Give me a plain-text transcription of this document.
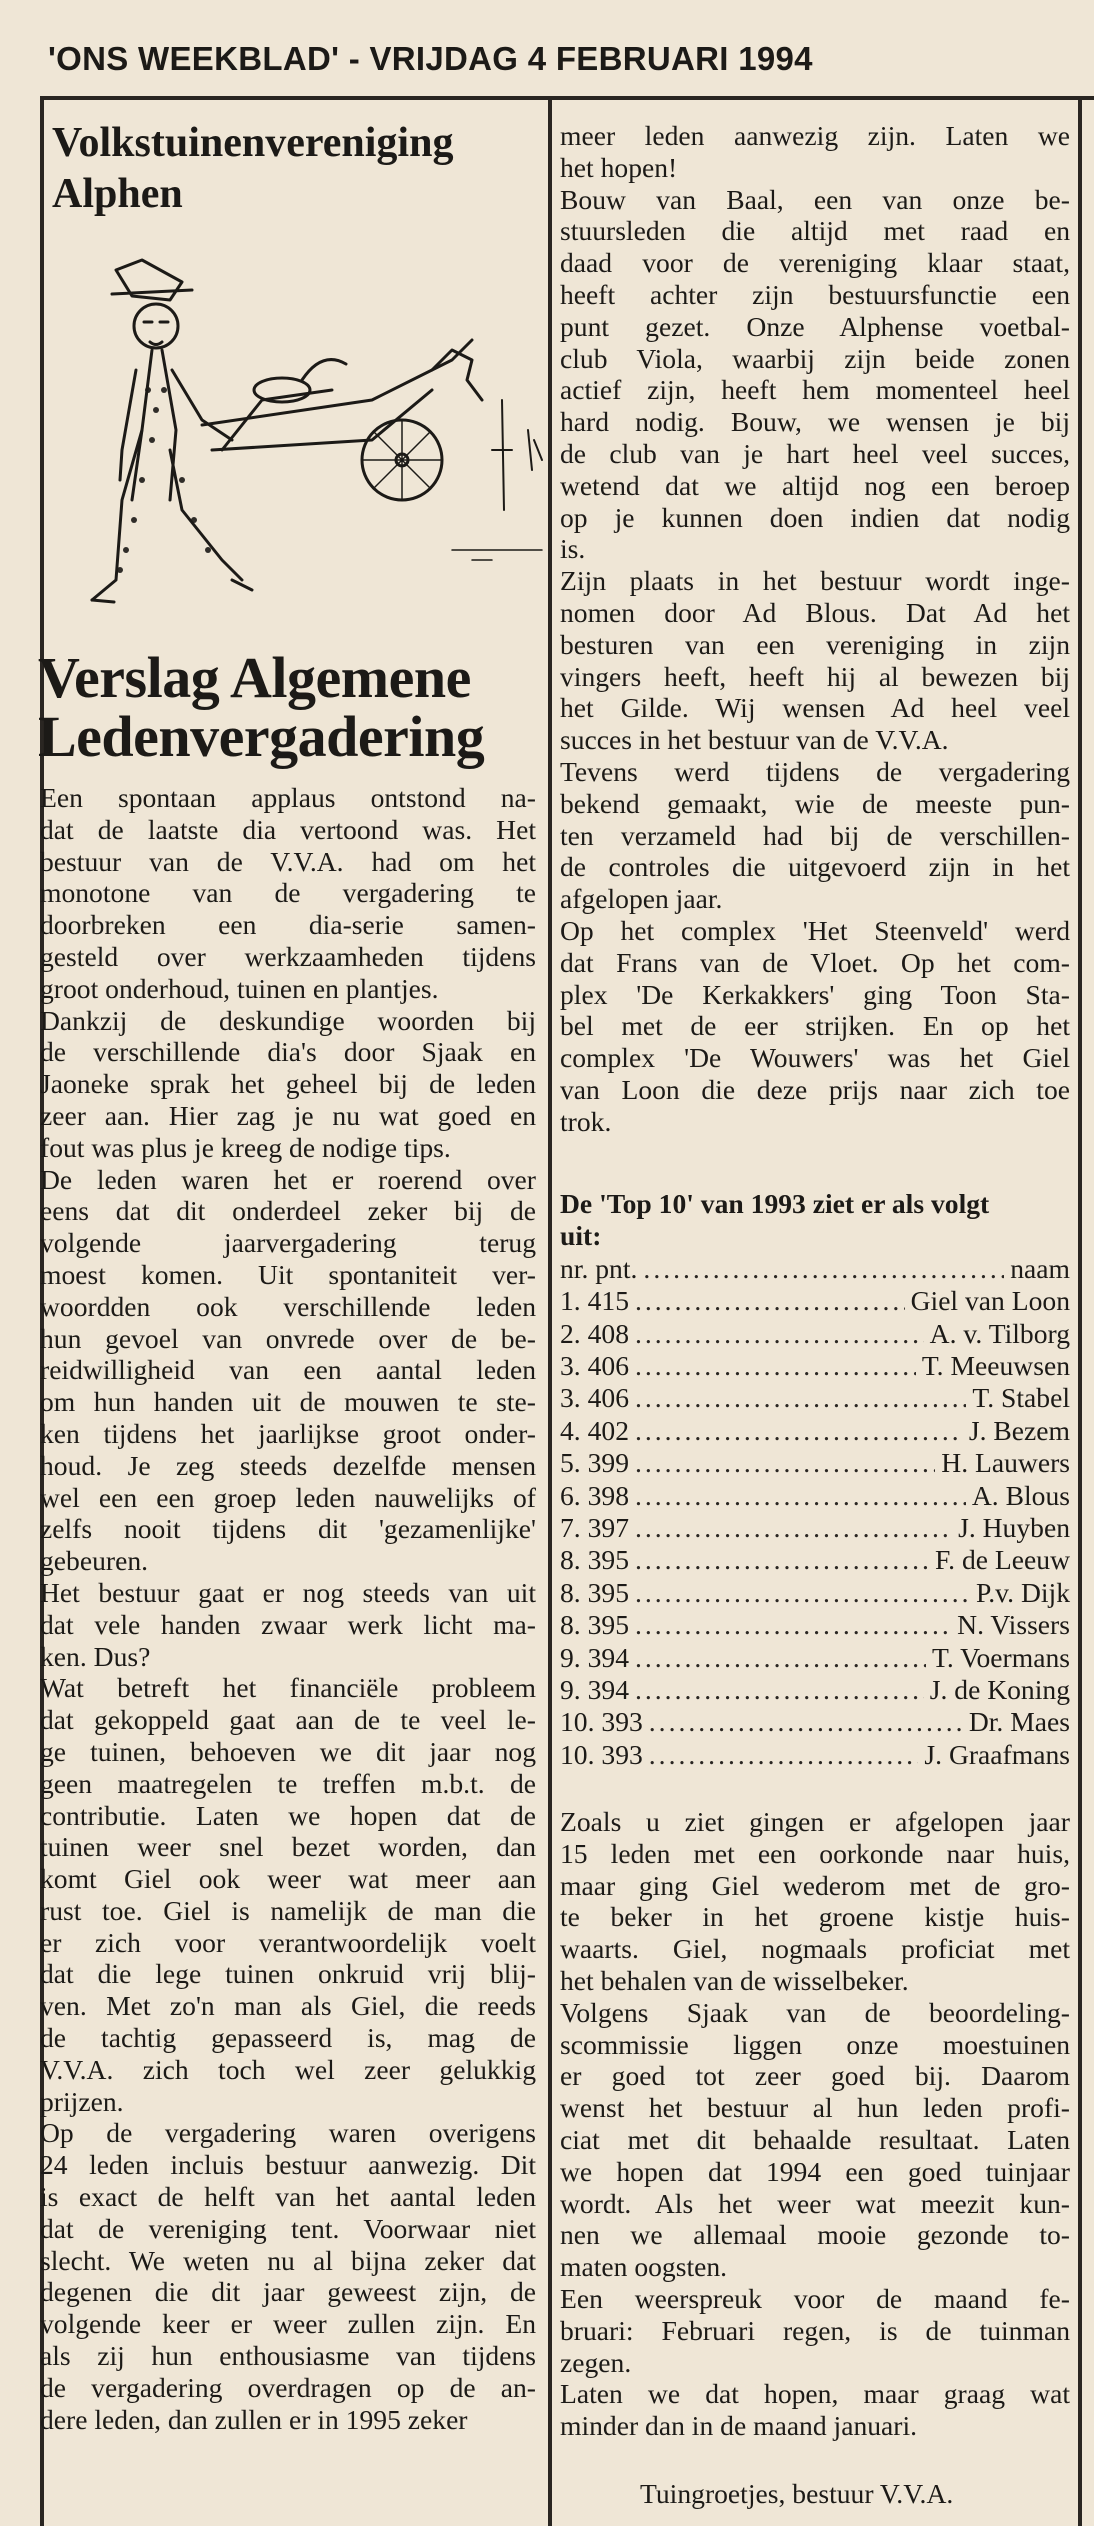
'ONS WEEKBLAD' - VRIJDAG 4 FEBRUARI 1994
Volkstuinenvereniging
Alphen
Verslag Algemene
Ledenvergadering
Een spontaan applaus ontstond na-
dat de laatste dia vertoond was. Het
bestuur van de V.V.A. had om het
monotone van de vergadering te
doorbreken een dia-serie samen-
gesteld over werkzaamheden tijdens
groot onderhoud, tuinen en plantjes.
Dankzij de deskundige woorden bij
de verschillende dia's door Sjaak en
Jaoneke sprak het geheel bij de leden
zeer aan. Hier zag je nu wat goed en
fout was plus je kreeg de nodige tips.
De leden waren het er roerend over
eens dat dit onderdeel zeker bij de
volgende jaarvergadering terug
moest komen. Uit spontaniteit ver-
woordden ook verschillende leden
hun gevoel van onvrede over de be-
reidwilligheid van een aantal leden
om hun handen uit de mouwen te ste-
ken tijdens het jaarlijkse groot onder-
houd. Je zeg steeds dezelfde mensen
wel een een groep leden nauwelijks of
zelfs nooit tijdens dit 'gezamenlijke'
gebeuren.
Het bestuur gaat er nog steeds van uit
dat vele handen zwaar werk licht ma-
ken. Dus?
Wat betreft het financiële probleem
dat gekoppeld gaat aan de te veel le-
ge tuinen, behoeven we dit jaar nog
geen maatregelen te treffen m.b.t. de
contributie. Laten we hopen dat de
tuinen weer snel bezet worden, dan
komt Giel ook weer wat meer aan
rust toe. Giel is namelijk de man die
er zich voor verantwoordelijk voelt
dat die lege tuinen onkruid vrij blij-
ven. Met zo'n man als Giel, die reeds
de tachtig gepasseerd is, mag de
V.V.A. zich toch wel zeer gelukkig
prijzen.
Op de vergadering waren overigens
24 leden incluis bestuur aanwezig. Dit
is exact de helft van het aantal leden
dat de vereniging tent. Voorwaar niet
slecht. We weten nu al bijna zeker dat
degenen die dit jaar geweest zijn, de
volgende keer er weer zullen zijn. En
als zij hun enthousiasme van tijdens
de vergadering overdragen op de an-
dere leden, dan zullen er in 1995 zeker
meer leden aanwezig zijn. Laten we
het hopen!
Bouw van Baal, een van onze be-
stuursleden die altijd met raad en
daad voor de vereniging klaar staat,
heeft achter zijn bestuursfunctie een
punt gezet. Onze Alphense voetbal-
club Viola, waarbij zijn beide zonen
actief zijn, heeft hem momenteel heel
hard nodig. Bouw, we wensen je bij
de club van je hart heel veel succes,
wetend dat we altijd nog een beroep
op je kunnen doen indien dat nodig
is.
Zijn plaats in het bestuur wordt inge-
nomen door Ad Blous. Dat Ad het
besturen van een vereniging in zijn
vingers heeft, heeft hij al bewezen bij
het Gilde. Wij wensen Ad heel veel
succes in het bestuur van de V.V.A.
Tevens werd tijdens de vergadering
bekend gemaakt, wie de meeste pun-
ten verzameld had bij de verschillen-
de controles die uitgevoerd zijn in het
afgelopen jaar.
Op het complex 'Het Steenveld' werd
dat Frans van de Vloet. Op het com-
plex 'De Kerkakkers' ging Toon Sta-
bel met de eer strijken. En op het
complex 'De Wouwers' was het Giel
van Loon die deze prijs naar zich toe
trok.
De 'Top 10' van 1993 ziet er als volgt
uit:
nr. pnt. .....	naam
1. 415 .....	Giel van Loon
2. 408 .....	A. v. Tilborg
3. 406 .....	T. Meeuwsen
3. 406 .....	T. Stabel
4. 402 .....	J. Bezem
5. 399 .....	H. Lauwers
6. 398 .....	A. Blous
7. 397 .....	J. Huyben
8. 395 .....	F. de Leeuw
8. 395 .....	P.v. Dijk
8. 395 .....	N. Vissers
9. 394 .....	T. Voermans
9. 394 .....	J. de Koning
10. 393 .....	Dr. Maes
10. 393 .....	J. Graafmans
Zoals u ziet gingen er afgelopen jaar
15 leden met een oorkonde naar huis,
maar ging Giel wederom met de gro-
te beker in het groene kistje huis-
waarts. Giel, nogmaals proficiat met
het behalen van de wisselbeker.
Volgens Sjaak van de beoordeling-
scommissie liggen onze moestuinen
er goed tot zeer goed bij. Daarom
wenst het bestuur al hun leden profi-
ciat met dit behaalde resultaat. Laten
we hopen dat 1994 een goed tuinjaar
wordt. Als het weer wat meezit kun-
nen we allemaal mooie gezonde to-
maten oogsten.
Een weerspreuk voor de maand fe-
bruari: Februari regen, is de tuinman
zegen.
Laten we dat hopen, maar graag wat
minder dan in de maand januari.
Tuingroetjes, bestuur V.V.A.
